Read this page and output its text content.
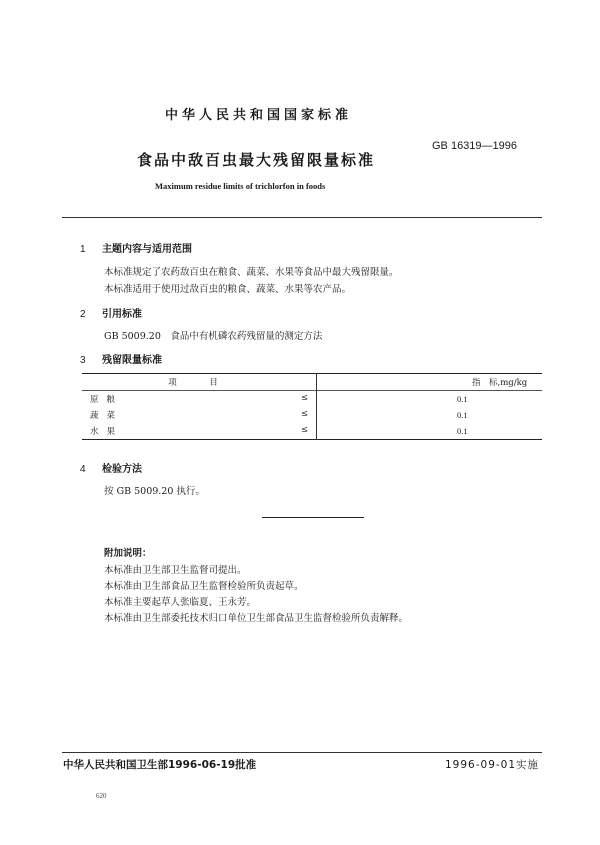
中华人民共和国国家标准
GB 16319—1996
食品中敌百虫最大残留限量标准
Maximum residue limits of trichlorfon in foods
1 主题内容与适用范围
本标准规定了农药敌百虫在粮食、蔬菜、水果等食品中最大残留限量。
本标准适用于使用过敌百虫的粮食、蔬菜、水果等农产品。
2 引用标准
GB 5009.20　食品中有机磷农药残留量的测定方法
3 残留限量标准
项　目	指　标,mg/kg
原粮 ≤	0.1
蔬菜 ≤	0.1
水果 ≤	0.1
4 检验方法
按 GB 5009.20 执行。
附加说明：
本标准由卫生部卫生监督司提出。
本标准由卫生部食品卫生监督检验所负责起草。
本标准主要起草人张临夏、王永芳。
本标准由卫生部委托技术归口单位卫生部食品卫生监督检验所负责解释。
中华人民共和国卫生部1996-06-19批准	1996-09-01实施
620
